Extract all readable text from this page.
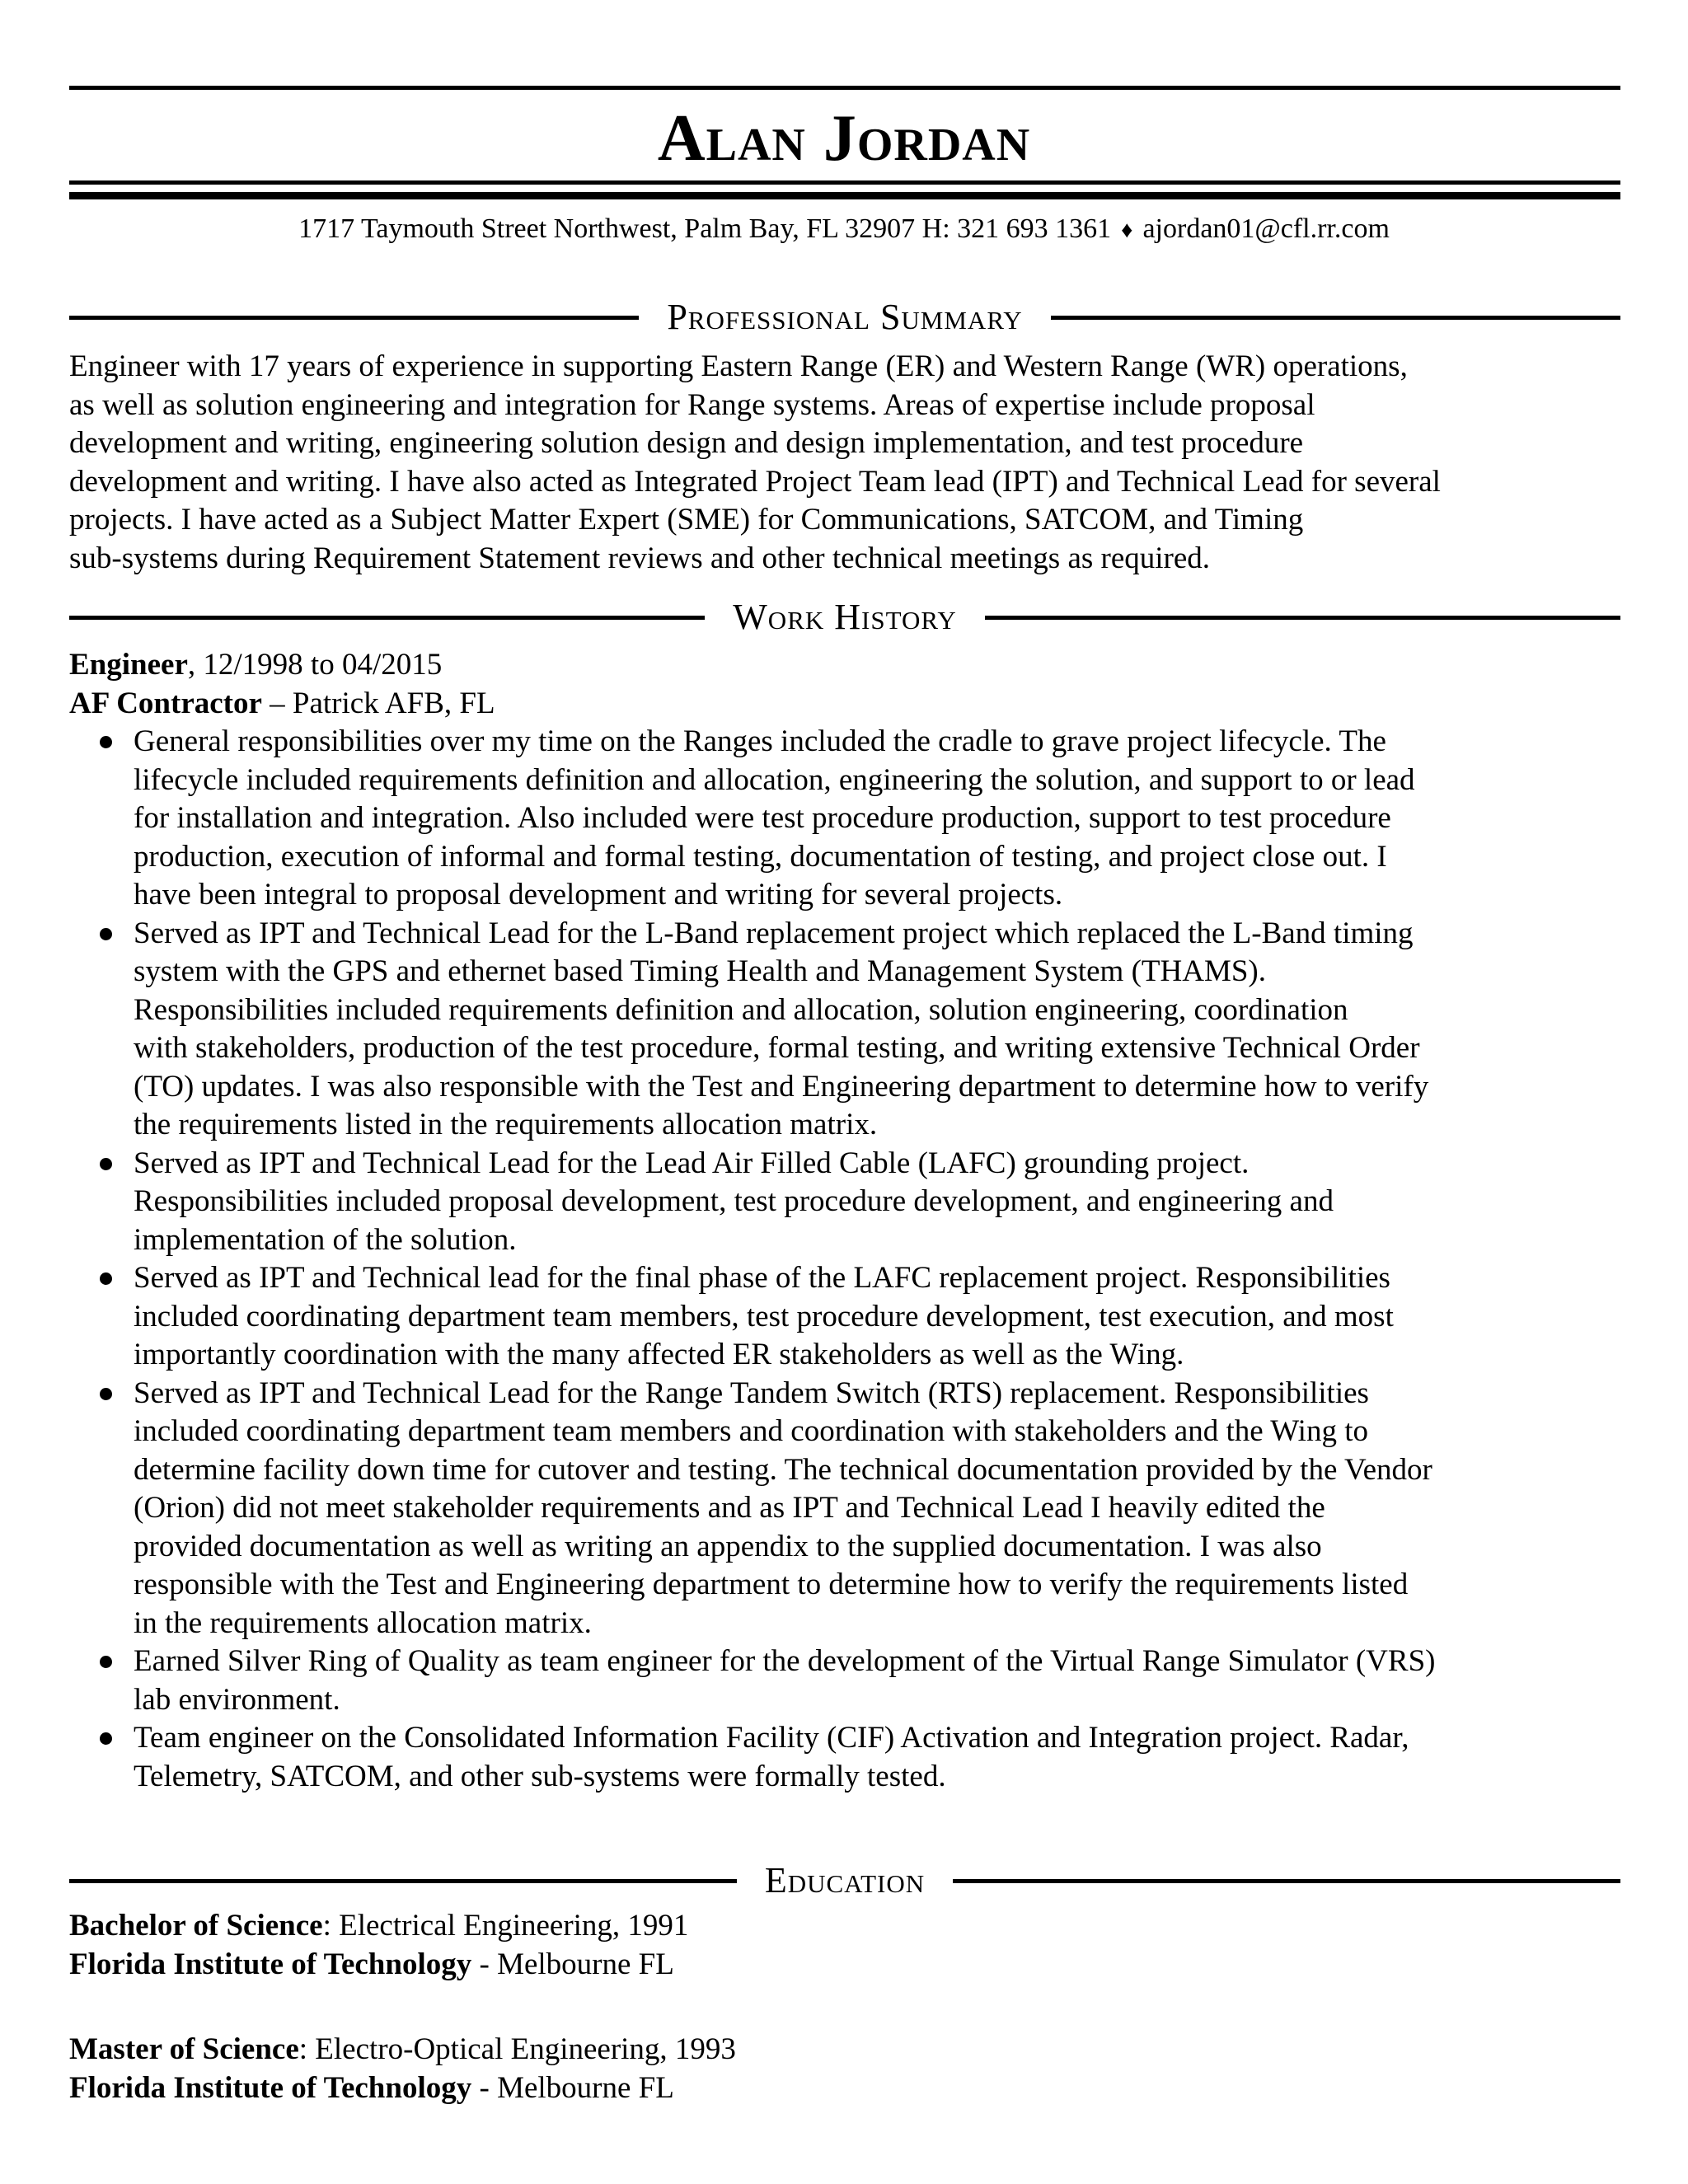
Alan Jordan
1717 Taymouth Street Northwest, Palm Bay, FL 32907 H: 321 693 1361 ♦ ajordan01@cfl.rr.com
Professional Summary
Engineer with 17 years of experience in supporting Eastern Range (ER) and Western Range (WR) operations,
as well as solution engineering and integration for Range systems. Areas of expertise include proposal
development and writing, engineering solution design and design implementation, and test procedure
development and writing. I have also acted as Integrated Project Team lead (IPT) and Technical Lead for several
projects. I have acted as a Subject Matter Expert (SME) for Communications, SATCOM, and Timing
sub-systems during Requirement Statement reviews and other technical meetings as required.
Work History
Engineer, 12/1998 to 04/2015
AF Contractor – Patrick AFB, FL
General responsibilities over my time on the Ranges included the cradle to grave project lifecycle. The
lifecycle included requirements definition and allocation, engineering the solution, and support to or lead
for installation and integration. Also included were test procedure production, support to test procedure
production, execution of informal and formal testing, documentation of testing, and project close out. I
have been integral to proposal development and writing for several projects.
Served as IPT and Technical Lead for the L-Band replacement project which replaced the L-Band timing
system with the GPS and ethernet based Timing Health and Management System (THAMS).
Responsibilities included requirements definition and allocation, solution engineering, coordination
with stakeholders, production of the test procedure, formal testing, and writing extensive Technical Order
(TO) updates. I was also responsible with the Test and Engineering department to determine how to verify
the requirements listed in the requirements allocation matrix.
Served as IPT and Technical Lead for the Lead Air Filled Cable (LAFC) grounding project.
Responsibilities included proposal development, test procedure development, and engineering and
implementation of the solution.
Served as IPT and Technical lead for the final phase of the LAFC replacement project. Responsibilities
included coordinating department team members, test procedure development, test execution, and most
importantly coordination with the many affected ER stakeholders as well as the Wing.
Served as IPT and Technical Lead for the Range Tandem Switch (RTS) replacement. Responsibilities
included coordinating department team members and coordination with stakeholders and the Wing to
determine facility down time for cutover and testing. The technical documentation provided by the Vendor
(Orion) did not meet stakeholder requirements and as IPT and Technical Lead I heavily edited the
provided documentation as well as writing an appendix to the supplied documentation. I was also
responsible with the Test and Engineering department to determine how to verify the requirements listed
in the requirements allocation matrix.
Earned Silver Ring of Quality as team engineer for the development of the Virtual Range Simulator (VRS)
lab environment.
Team engineer on the Consolidated Information Facility (CIF) Activation and Integration project. Radar,
Telemetry, SATCOM, and other sub-systems were formally tested.
Education
Bachelor of Science: Electrical Engineering, 1991
Florida Institute of Technology - Melbourne FL
Master of Science: Electro-Optical Engineering, 1993
Florida Institute of Technology - Melbourne FL
